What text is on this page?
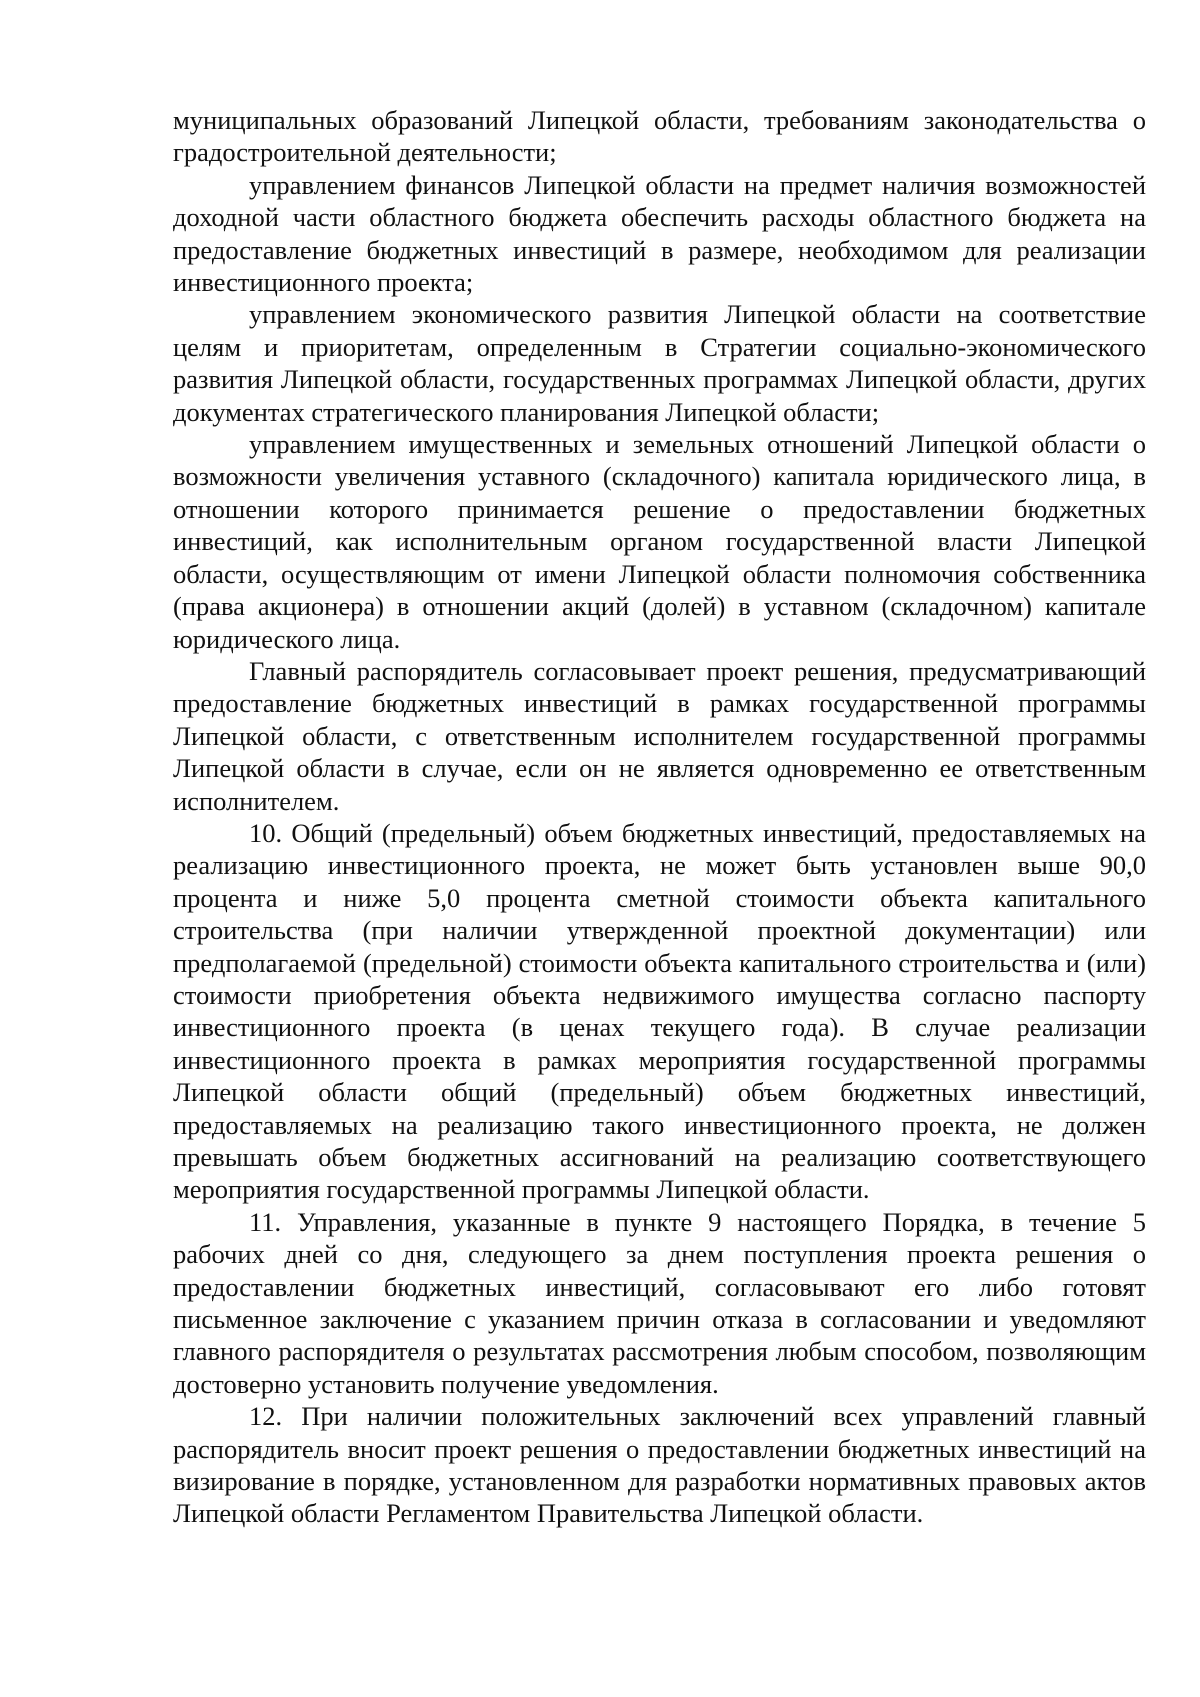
муниципальных образований Липецкой области, требованиям законодательства о градостроительной деятельности;

управлением финансов Липецкой области на предмет наличия возможностей доходной части областного бюджета обеспечить расходы областного бюджета на предоставление бюджетных инвестиций в размере, необходимом для реализации инвестиционного проекта;

управлением экономического развития Липецкой области на соответствие целям и приоритетам, определенным в Стратегии социально-экономического развития Липецкой области, государственных программах Липецкой области, других документах стратегического планирования Липецкой области;

управлением имущественных и земельных отношений Липецкой области о возможности увеличения уставного (складочного) капитала юридического лица, в отношении которого принимается решение о предоставлении бюджетных инвестиций, как исполнительным органом государственной власти Липецкой области, осуществляющим от имени Липецкой области полномочия собственника (права акционера) в отношении акций (долей) в уставном (складочном) капитале юридического лица.

Главный распорядитель согласовывает проект решения, предусматривающий предоставление бюджетных инвестиций в рамках государственной программы Липецкой области, с ответственным исполнителем государственной программы Липецкой области в случае, если он не является одновременно ее ответственным исполнителем.

10. Общий (предельный) объем бюджетных инвестиций, предоставляемых на реализацию инвестиционного проекта, не может быть установлен выше 90,0 процента и ниже 5,0 процента сметной стоимости объекта капитального строительства (при наличии утвержденной проектной документации) или предполагаемой (предельной) стоимости объекта капитального строительства и (или) стоимости приобретения объекта недвижимого имущества согласно паспорту инвестиционного проекта (в ценах текущего года). В случае реализации инвестиционного проекта в рамках мероприятия государственной программы Липецкой области общий (предельный) объем бюджетных инвестиций, предоставляемых на реализацию такого инвестиционного проекта, не должен превышать объем бюджетных ассигнований на реализацию соответствующего мероприятия государственной программы Липецкой области.

11. Управления, указанные в пункте 9 настоящего Порядка, в течение 5 рабочих дней со дня, следующего за днем поступления проекта решения о предоставлении бюджетных инвестиций, согласовывают его либо готовят письменное заключение с указанием причин отказа в согласовании и уведомляют главного распорядителя о результатах рассмотрения любым способом, позволяющим достоверно установить получение уведомления.

12. При наличии положительных заключений всех управлений главный распорядитель вносит проект решения о предоставлении бюджетных инвестиций на визирование в порядке, установленном для разработки нормативных правовых актов Липецкой области Регламентом Правительства Липецкой области.
